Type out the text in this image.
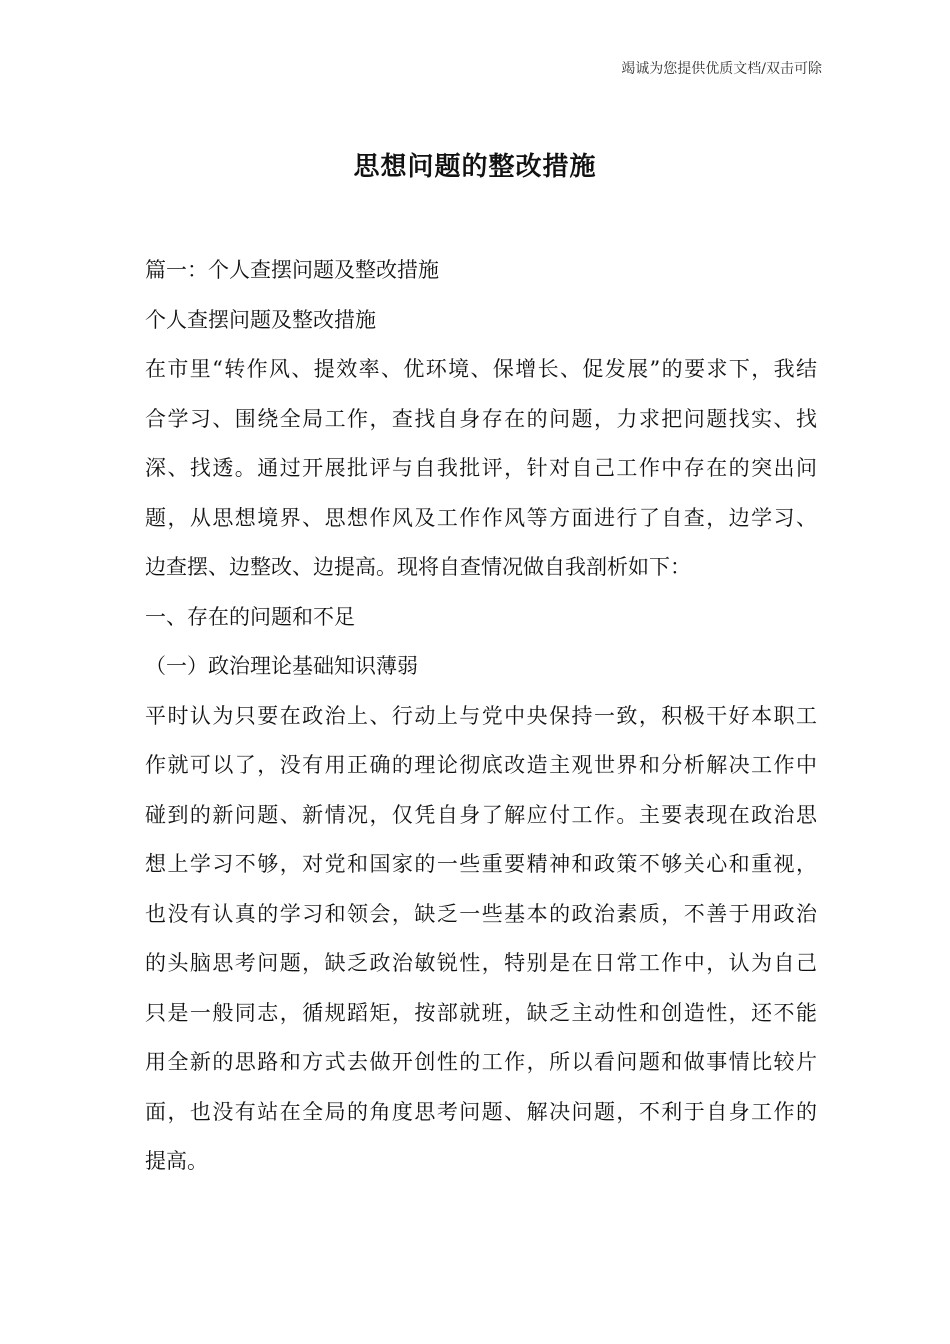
竭诚为您提供优质文档/双击可除
思想问题的整改措施
篇一：个人查摆问题及整改措施
个人查摆问题及整改措施
在市里“转作风、提效率、优环境、保增长、促发展”的要求下，我结
合学习、围绕全局工作，查找自身存在的问题，力求把问题找实、找
深、找透。通过开展批评与自我批评，针对自己工作中存在的突出问
题，从思想境界、思想作风及工作作风等方面进行了自查，边学习、
边查摆、边整改、边提高。现将自查情况做自我剖析如下：
一、存在的问题和不足
（一）政治理论基础知识薄弱
平时认为只要在政治上、行动上与党中央保持一致，积极干好本职工
作就可以了，没有用正确的理论彻底改造主观世界和分析解决工作中
碰到的新问题、新情况，仅凭自身了解应付工作。主要表现在政治思
想上学习不够，对党和国家的一些重要精神和政策不够关心和重视，
也没有认真的学习和领会，缺乏一些基本的政治素质，不善于用政治
的头脑思考问题，缺乏政治敏锐性，特别是在日常工作中，认为自己
只是一般同志，循规蹈矩，按部就班，缺乏主动性和创造性，还不能
用全新的思路和方式去做开创性的工作，所以看问题和做事情比较片
面，也没有站在全局的角度思考问题、解决问题，不利于自身工作的
提高。
